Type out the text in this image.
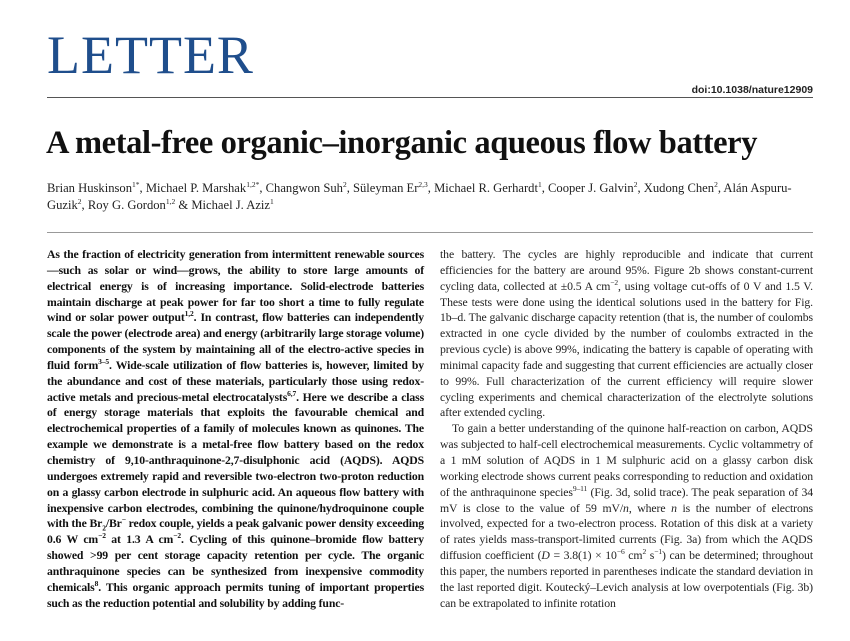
LETTER
doi:10.1038/nature12909
A metal-free organic–inorganic aqueous flow battery
Brian Huskinson$^{1*}$, Michael P. Marshak$^{1,2*}$, Changwon Suh$^2$, Süleyman Er$^{2,3}$, Michael R. Gerhardt$^1$, Cooper J. Galvin$^2$, Xudong Chen$^2$, Alán Aspuru-Guzik$^2$, Roy G. Gordon$^{1,2}$ & Michael J. Aziz$^1$

As the fraction of electricity generation from intermittent renewable sources—such as solar or wind—grows, the ability to store large amounts of electrical energy is of increasing importance. Solid-electrode batteries maintain discharge at peak power for far too short a time to fully regulate wind or solar power output$^{1,2}$. In contrast, flow batteries can independently scale the power (electrode area) and energy (arbitrarily large storage volume) components of the system by maintaining all of the electro-active species in fluid form$^{3-5}$. Wide-scale utilization of flow batteries is, however, limited by the abundance and cost of these materials, particularly those using redox-active metals and precious-metal electrocatalysts$^{6,7}$. Here we describe a class of energy storage materials that exploits the favourable chemical and electrochemical properties of a family of molecules known as quinones. The example we demonstrate is a metal-free flow battery based on the redox chemistry of 9,10-anthraquinone-2,7-disulphonic acid (AQDS). AQDS undergoes extremely rapid and reversible two-electron two-proton reduction on a glassy carbon electrode in sulphuric acid. An aqueous flow battery with inexpensive carbon electrodes, combining the quinone/hydroquinone couple with the $Br_2/Br^-$ redox couple, yields a peak galvanic power density exceeding 0.6 W $cm^{-2}$ at 1.3 A $cm^{-2}$. Cycling of this quinone–bromide flow battery showed >99 per cent storage capacity retention per cycle. The organic anthraquinone species can be synthesized from inexpensive commodity chemicals$^8$. This organic approach permits tuning of important properties such as the reduction potential and solubility by adding func-

the battery. The cycles are highly reproducible and indicate that current efficiencies for the battery are around 95%. Figure 2b shows constant-current cycling data, collected at ±0.5 A $cm^{-2}$, using voltage cut-offs of 0 V and 1.5 V. These tests were done using the identical solutions used in the battery for Fig. 1b–d. The galvanic discharge capacity retention (that is, the number of coulombs extracted in one cycle divided by the number of coulombs extracted in the previous cycle) is above 99%, indicating the battery is capable of operating with minimal capacity fade and suggesting that current efficiencies are actually closer to 99%. Full characterization of the current efficiency will require slower cycling experiments and chemical characterization of the electrolyte solutions after extended cycling.

To gain a better understanding of the quinone half-reaction on carbon, AQDS was subjected to half-cell electrochemical measurements. Cyclic voltammetry of a 1 mM solution of AQDS in 1 M sulphuric acid on a glassy carbon disk working electrode shows current peaks corresponding to reduction and oxidation of the anthraquinone species$^{9-11}$ (Fig. 3d, solid trace). The peak separation of 34 mV is close to the value of 59 mV/n, where n is the number of electrons involved, expected for a two-electron process. Rotation of this disk at a variety of rates yields mass-transport-limited currents (Fig. 3a) from which the AQDS diffusion coefficient ($D = 3.8(1) \times 10^{-6}$ $cm^2$ $s^{-1}$) can be determined; throughout this paper, the numbers reported in parentheses indicate the standard deviation in the last reported digit. Koutecký–Levich analysis at low overpotentials (Fig. 3b) can be extrapolated to infinite rotation
